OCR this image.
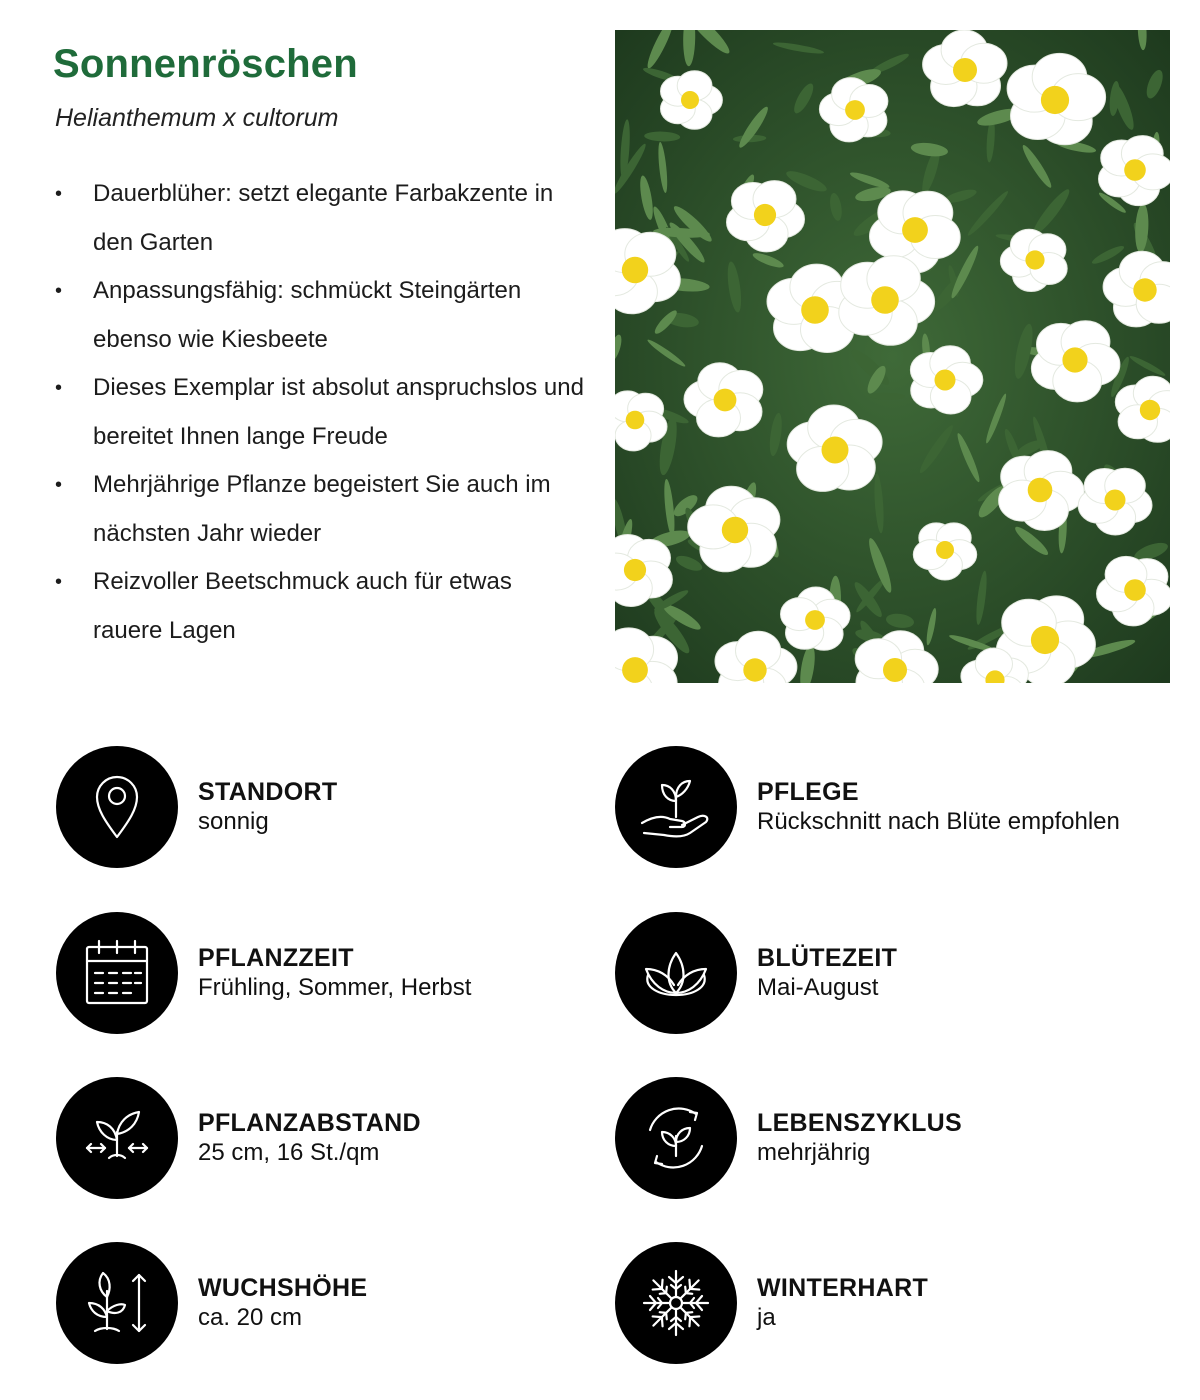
Sonnenröschen
Helianthemum x cultorum
• Dauerblüher: setzt elegante Farbakzente in den Garten
• Anpassungsfähig: schmückt Steingärten ebenso wie Kiesbeete
• Dieses Exemplar ist absolut anspruchslos und bereitet Ihnen lange Freude
• Mehrjährige Pflanze begeistert Sie auch im nächsten Jahr wieder
• Reizvoller Beetschmuck auch für etwas rauere Lagen
STANDORT
sonnig
PFLEGE
Rückschnitt nach Blüte empfohlen
PFLANZZEIT
Frühling, Sommer, Herbst
BLÜTEZEIT
Mai-August
PFLANZABSTAND
25 cm, 16 St./qm
LEBENSZYKLUS
mehrjährig
WUCHSHÖHE
ca. 20 cm
WINTERHART
ja
